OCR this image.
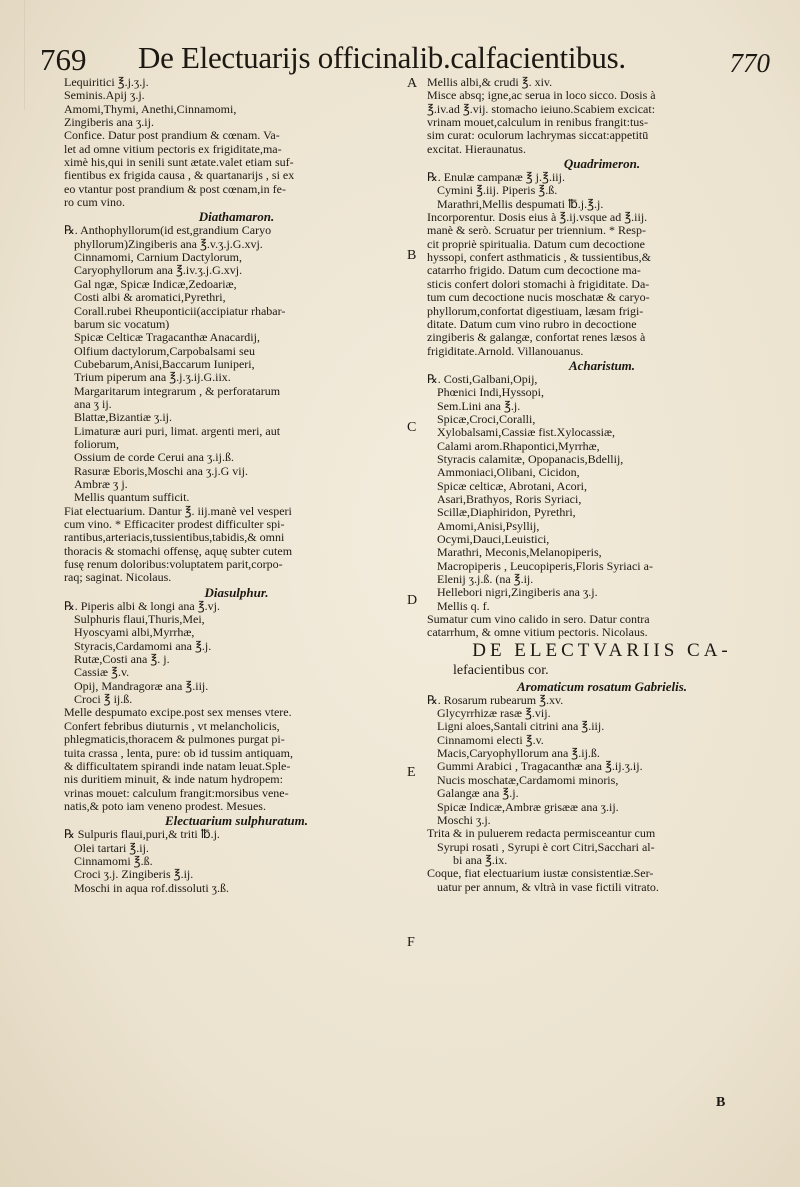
769 De Electuarijs officinalib.calfacientibus.	770
A
B
C
D
E
F

Lequiritici ℥.j.ʒ.j.

Seminis.Apij ʒ.j.

Amomi,Thymi, Anethi,Cinnamomi,

Zingiberis ana ʒ.ij.

Confice. Datur post prandium & cœnam. Va-

let ad omne vitium pectoris ex frigiditate,ma-

ximè his,qui in senili sunt ætate.valet etiam suf-

fientibus ex frigida causa , & quartanarijs , si ex

eo vtantur post prandium & post cœnam,in fe-

ro cum vino.

Diathamaron.

℞. Anthophyllorum(id est,grandium Caryo

phyllorum)Zingiberis ana ℥.v.ʒ.j.G.xvj.

Cinnamomi, Carnium Dactylorum,

Caryophyllorum ana ℥.iv.ʒ.j.G.xvj.

Gal ngæ, Spicæ Indicæ,Zedoariæ,

Costi albi & aromatici,Pyrethri,

Corall.rubei Rheuponticii(accipiatur rhabar-

barum sic vocatum)

Spicæ Celticæ Tragacanthæ Anacardij,

Olfium dactylorum,Carpobalsami seu

Cubebarum,Anisi,Baccarum Iuniperi,

Trium piperum ana ℥.j.ʒ.ij.G.iix.

Margaritarum integrarum , & perforatarum

ana ʒ ij.

Blattæ,Bizantiæ ʒ.ij.

Limaturæ auri puri, limat. argenti meri, aut

foliorum,

Ossium de corde Cerui ana ʒ.ij.ß.

Rasuræ Eboris,Moschi ana ʒ.j.G vij.

Ambræ ʒ j.

Mellis quantum sufficit.

Fiat electuarium. Dantur ℥. iij.manè vel vesperi

cum vino. * Efficaciter prodest difficulter spi-

rantibus,arteriacis,tussientibus,tabidis,& omni

thoracis & stomachi offensę, aquę subter cutem

fusę renum doloribus:voluptatem parit,corpo-

raq; saginat. Nicolaus.

Diasulphur.

℞. Piperis albi & longi ana ℥.vj.

Sulphuris flaui,Thuris,Mei,

Hyoscyami albi,Myrrhæ,

Styracis,Cardamomi ana ℥.j.

Rutæ,Costi ana ℥. j.

Cassiæ ℥.v.

Opij, Mandragoræ ana ℥.iij.

Croci ℥ ij.ß.

Melle despumato excipe.post sex menses vtere.

Confert febribus diuturnis , vt melancholicis,

phlegmaticis,thoracem & pulmones purgat pi-

tuita crassa , lenta, pure: ob id tussim antiquam,

& difficultatem spirandi inde natam leuat.Sple-

nis duritiem minuit, & inde natum hydropem:

vrinas mouet: calculum frangit:morsibus vene-

natis,& poto iam veneno prodest. Mesues.

Electuarium sulphuratum.

℞ Sulpuris flaui,puri,& triti ℔.j.

Olei tartari ℥.ij.

Cinnamomi ℥.ß.

Croci ʒ.j. Zingiberis ℥.ij.

Moschi in aqua rof.dissoluti ʒ.ß.

Mellis albi,& crudi ℥. xiv.

Misce absq; igne,ac serua in loco sicco. Dosis à

℥.iv.ad ℥.vij. stomacho ieiuno.Scabiem excicat:

vrinam mouet,calculum in renibus frangit:tus-

sim curat: oculorum lachrymas siccat:appetitū

excitat. Hieraunatus.

Quadrimeron.

℞. Enulæ campanæ ℥ j.℥.iij.

Cymini ℥.iij. Piperis ℥.ß.

Marathri,Mellis despumati ℔.j.℥.j.

Incorporentur. Dosis eius à ℥.ij.vsque ad ℥.iij.

manè & serò. Scruatur per triennium. * Resp-

cit propriè spiritualia. Datum cum decoctione

hyssopi, confert asthmaticis , & tussientibus,&

catarrho frigido. Datum cum decoctione ma-

sticis confert dolori stomachi à frigiditate. Da-

tum cum decoctione nucis moschatæ & caryo-

phyllorum,confortat digestiuam, læsam frigi-

ditate. Datum cum vino rubro in decoctione

zingiberis & galangæ, confortat renes læsos à

frigiditate.Arnold. Villanouanus.

Acharistum.

℞. Costi,Galbani,Opij,

Phœnici Indi,Hyssopi,

Sem.Lini ana ℥.j.

Spicæ,Croci,Coralli,

Xylobalsami,Cassiæ fist.Xylocassiæ,

Calami arom.Rhapontici,Myrrhæ,

Styracis calamitæ, Opopanacis,Bdellij,

Ammoniaci,Olibani, Cicidon,

Spicæ celticæ, Abrotani, Acori,

Asari,Brathyos, Roris Syriaci,

Scillæ,Diaphiridon, Pyrethri,

Amomi,Anisi,Psyllij,

Ocymi,Dauci,Leuistici,

Marathri, Meconis,Melanopiperis,

Macropiperis , Leucopiperis,Floris Syriaci a-

Elenij ʒ.j.ß. (na ℥.ij.

Hellebori nigri,Zingiberis ana ʒ.j.

Mellis q. f.

Sumatur cum vino calido in sero. Datur contra

catarrhum, & omne vitium pectoris. Nicolaus.

DE ELECTVARIIS CA-

lefacientibus cor.

Aromaticum rosatum Gabrielis.

℞. Rosarum rubearum ℥.xv.

Glycyrrhizæ rasæ ℥.vij.

Ligni aloes,Santali citrini ana ℥.iij.

Cinnamomi electi ℥.v.

Macis,Caryophyllorum ana ℥.ij.ß.

Gummi Arabici , Tragacanthæ ana ℥.ij.ʒ.ij.

Nucis moschatæ,Cardamomi minoris,

Galangæ ana ℥.j.

Spicæ Indicæ,Ambræ grisææ ana ʒ.ij.

Moschi ʒ.j.

Trita & in puluerem redacta permisceantur cum

Syrupi rosati , Syrupi è cort Citri,Sacchari al-

bi ana ℥.ix.

Coque, fiat electuarium iustæ consistentiæ.Ser-

uatur per annum, & vltrà in vase fictili vitrato.

B
